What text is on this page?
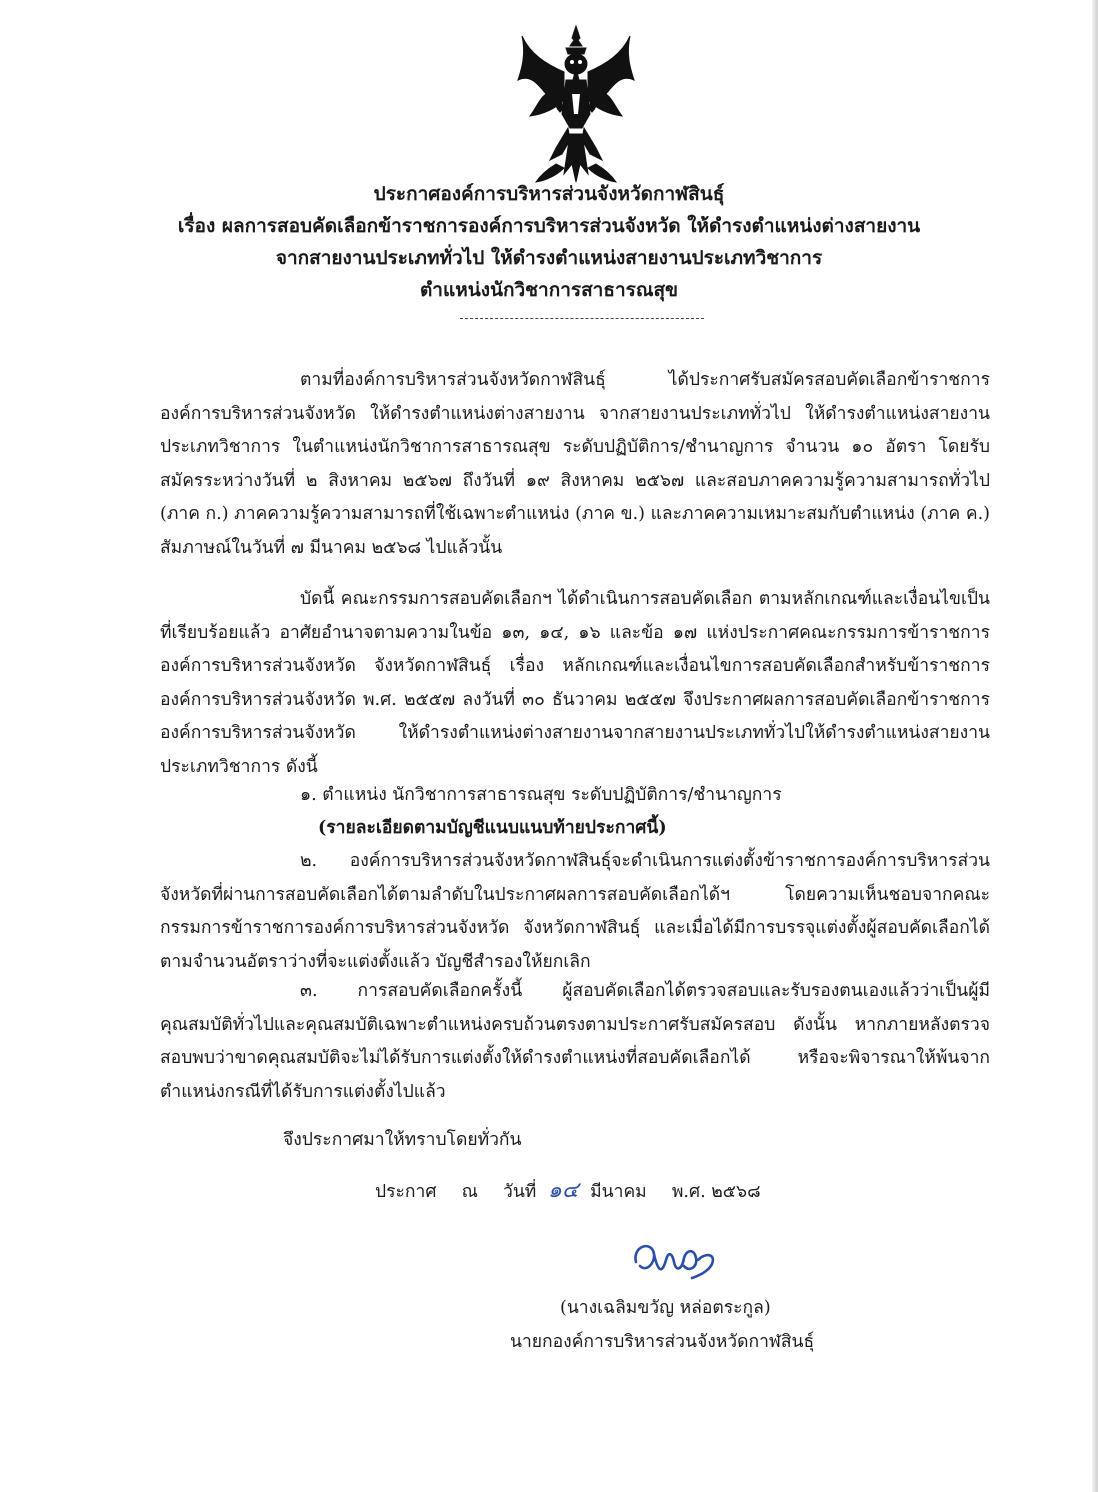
ประกาศองค์การบริหารส่วนจังหวัดกาฬสินธุ์
เรื่อง ผลการสอบคัดเลือกข้าราชการองค์การบริหารส่วนจังหวัด ให้ดำรงตำแหน่งต่างสายงาน
จากสายงานประเภททั่วไป ให้ดำรงตำแหน่งสายงานประเภทวิชาการ
ตำแหน่งนักวิชาการสาธารณสุข

ตามที่องค์การบริหารส่วนจังหวัดกาฬสินธุ์ ได้ประกาศรับสมัครสอบคัดเลือกข้าราชการองค์การบริหารส่วนจังหวัด ให้ดำรงตำแหน่งต่างสายงาน จากสายงานประเภททั่วไป ให้ดำรงตำแหน่งสายงานประเภทวิชาการ ในตำแหน่งนักวิชาการสาธารณสุข ระดับปฏิบัติการ/ชำนาญการ จำนวน ๑๐ อัตรา โดยรับสมัครระหว่างวันที่ ๒ สิงหาคม ๒๕๖๗ ถึงวันที่ ๑๙ สิงหาคม ๒๕๖๗ และสอบภาคความรู้ความสามารถทั่วไป (ภาค ก.) ภาคความรู้ความสามารถที่ใช้เฉพาะตำแหน่ง (ภาค ข.) และภาคความเหมาะสมกับตำแหน่ง (ภาค ค.) สัมภาษณ์ในวันที่ ๗ มีนาคม ๒๕๖๘ ไปแล้วนั้น

บัดนี้ คณะกรรมการสอบคัดเลือกฯ ได้ดำเนินการสอบคัดเลือก ตามหลักเกณฑ์และเงื่อนไขเป็นที่เรียบร้อยแล้ว อาศัยอำนาจตามความในข้อ ๑๓, ๑๔, ๑๖ และข้อ ๑๗ แห่งประกาศคณะกรรมการข้าราชการองค์การบริหารส่วนจังหวัด จังหวัดกาฬสินธุ์ เรื่อง หลักเกณฑ์และเงื่อนไขการสอบคัดเลือกสำหรับข้าราชการองค์การบริหารส่วนจังหวัด พ.ศ. ๒๕๕๗ ลงวันที่ ๓๐ ธันวาคม ๒๕๕๗ จึงประกาศผลการสอบคัดเลือกข้าราชการองค์การบริหารส่วนจังหวัด ให้ดำรงตำแหน่งต่างสายงานจากสายงานประเภททั่วไปให้ดำรงตำแหน่งสายงานประเภทวิชาการ ดังนี้

๑. ตำแหน่ง นักวิชาการสาธารณสุข ระดับปฏิบัติการ/ชำนาญการ
(รายละเอียดตามบัญชีแนบแนบท้ายประกาศนี้)

๒. องค์การบริหารส่วนจังหวัดกาฬสินธุ์จะดำเนินการแต่งตั้งข้าราชการองค์การบริหารส่วนจังหวัดที่ผ่านการสอบคัดเลือกได้ตามลำดับในประกาศผลการสอบคัดเลือกได้ฯ โดยความเห็นชอบจากคณะกรรมการข้าราชการองค์การบริหารส่วนจังหวัด จังหวัดกาฬสินธุ์ และเมื่อได้มีการบรรจุแต่งตั้งผู้สอบคัดเลือกได้ตามจำนวนอัตราว่างที่จะแต่งตั้งแล้ว บัญชีสำรองให้ยกเลิก

๓. การสอบคัดเลือกครั้งนี้ ผู้สอบคัดเลือกได้ตรวจสอบและรับรองตนเองแล้วว่าเป็นผู้มีคุณสมบัติทั่วไปและคุณสมบัติเฉพาะตำแหน่งครบถ้วนตรงตามประกาศรับสมัครสอบ ดังนั้น หากภายหลังตรวจสอบพบว่าขาดคุณสมบัติจะไม่ได้รับการแต่งตั้งให้ดำรงตำแหน่งที่สอบคัดเลือกได้ หรือจะพิจารณาให้พ้นจากตำแหน่งกรณีที่ได้รับการแต่งตั้งไปแล้ว

จึงประกาศมาให้ทราบโดยทั่วกัน
ประกาศ ณ วันที่ ๑๔ มีนาคม พ.ศ. ๒๕๖๘
(นางเฉลิมขวัญ หล่อตระกูล)
นายกองค์การบริหารส่วนจังหวัดกาฬสินธุ์
